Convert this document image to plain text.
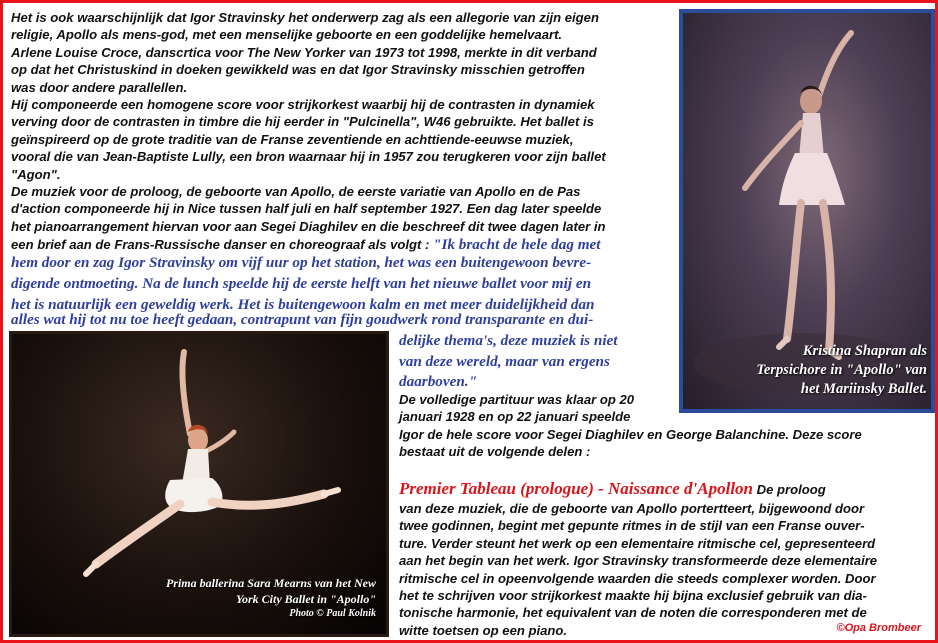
Het is ook waarschijnlijk dat Igor Stravinsky het onderwerp zag als een allegorie van zijn eigen

religie, Apollo als mens-god, met een menselijke geboorte en een goddelijke hemelvaart.

Arlene Louise Croce, danscrtica voor The New Yorker van 1973 tot 1998, merkte in dit verband

op dat het Christuskind in doeken gewikkeld was en dat Igor Stravinsky misschien getroffen

was door andere parallellen.

Hij componeerde een homogene score voor strijkorkest waarbij hij de contrasten in dynamiek

verving door de contrasten in timbre die hij eerder in "Pulcinella", W46 gebruikte. Het ballet is

geïnspireerd op de grote traditie van de Franse zeventiende en achttiende-eeuwse muziek,

vooral die van Jean-Baptiste Lully, een bron waarnaar hij in 1957 zou terugkeren voor zijn ballet

"Agon".

De muziek voor de proloog, de geboorte van Apollo, de eerste variatie van Apollo en de Pas

d'action componeerde hij in Nice tussen half juli en half september 1927. Een dag later speelde

het pianoarrangement hiervan voor aan Segei Diaghilev en die beschreef dit twee dagen later in

een brief aan de Frans-Russische danser en choreograaf als volgt : "Ik bracht de hele dag met

hem door en zag Igor Stravinsky om vijf uur op het station, het was een buitengewoon bevre-

digende ontmoeting. Na de lunch speelde hij de eerste helft van het nieuwe ballet voor mij en

het is natuurlijk een geweldig werk. Het is buitengewoon kalm en met meer duidelijkheid dan

alles wat hij tot nu toe heeft gedaan, contrapunt van fijn goudwerk rond transparante en dui-

delijke thema's, deze muziek is niet

van deze wereld, maar van ergens

daarboven."

De volledige partituur was klaar op 20

januari 1928 en op 22 januari speelde

Igor de hele score voor Segei Diaghilev en George Balanchine. Deze score

bestaat uit de volgende delen :

Premier Tableau (prologue) - Naissance d'Apollon De proloog

van deze muziek, die de geboorte van Apollo portertteert, bijgewoond door

twee godinnen, begint met gepunte ritmes in de stijl van een Franse ouver-

ture. Verder steunt het werk op een elementaire ritmische cel, gepresenteerd

aan het begin van het werk. Igor Stravinsky transformeerde deze elementaire

ritmische cel in opeenvolgende waarden die steeds complexer worden. Door

het te schrijven voor strijkorkest maakte hij bijna exclusief gebruik van dia-

tonische harmonie, het equivalent van de noten die corresponderen met de

witte toetsen op een piano.

Kristina Shapran als
Terpsichore in "Apollo" van
het Mariinsky Ballet.
Prima ballerina Sara Mearns van het New
York City Ballet in "Apollo"
Photo © Paul Kolnik
©Opa Brombeer
